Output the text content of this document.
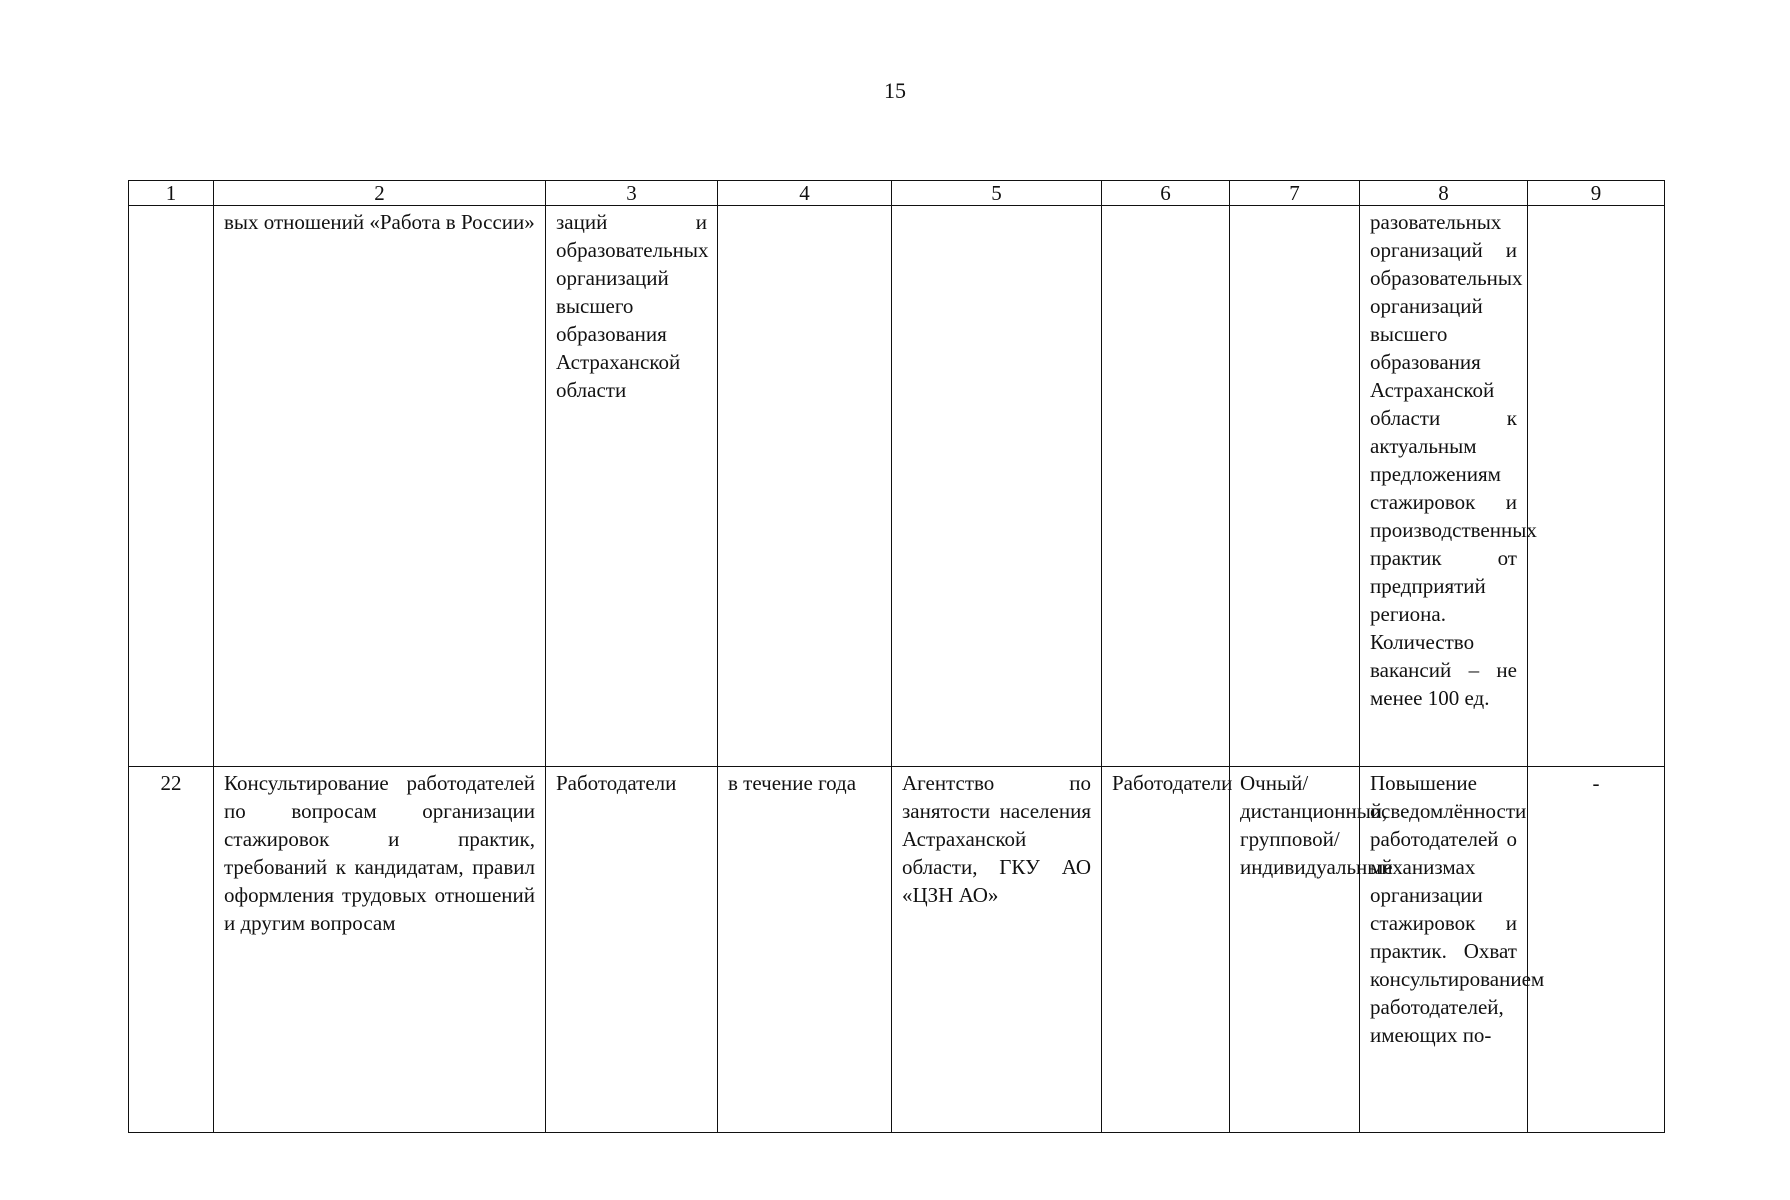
15
1	2	3	4	5	6	7	8	9
	вых отношений «Работа в России»	заций и образовательных организаций высшего образования Астраханской области					разовательных организаций и образовательных организаций высшего образования Астраханской области к актуальным предложениям стажировок и производственных практик от предприятий региона. Количество вакансий – не менее 100 ед.	
22	Консультирование работодателей по вопросам организации стажировок и практик, требований к кандидатам, правил оформления трудовых отношений и другим вопросам	Работодатели	в течение года	Агентство по занятости населения Астраханской области, ГКУ АО «ЦЗН АО»	Работодатели	Очный/ дистанционный, групповой/ индивидуальный	Повышение осведомлённости работодателей о механизмах организации стажировок и практик. Охват консультированием работодателей, имеющих по-	-
